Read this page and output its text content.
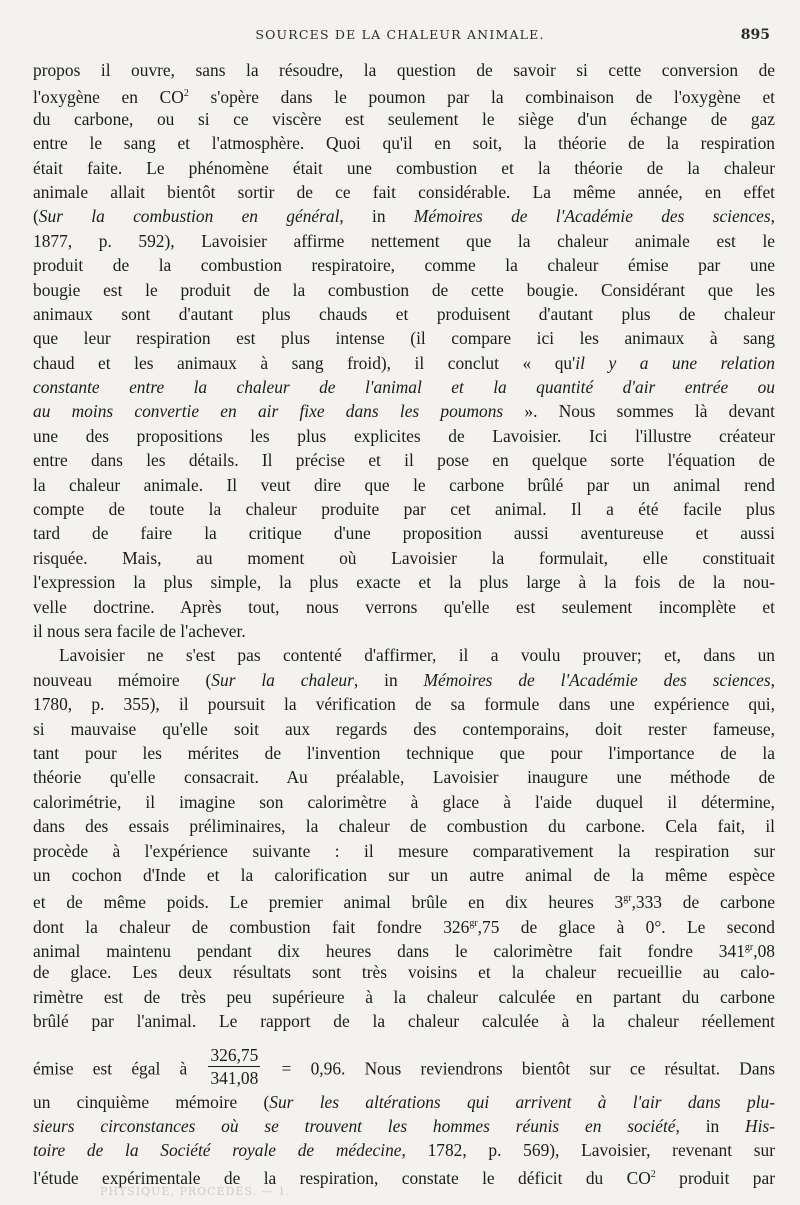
SOURCES DE LA CHALEUR ANIMALE.	895
propos il ouvre, sans la résoudre, la question de savoir si cette conversion de
l'oxygène en $CO^2$ s'opère dans le poumon par la combinaison de l'oxygène et
du carbone, ou si ce viscère est seulement le siège d'un échange de gaz
entre le sang et l'atmosphère. Quoi qu'il en soit, la théorie de la respiration
était faite. Le phénomène était une combustion et la théorie de la chaleur
animale allait bientôt sortir de ce fait considérable. La même année, en effet
(Sur la combustion en général, in Mémoires de l'Académie des sciences,
1877, p. 592), Lavoisier affirme nettement que la chaleur animale est le
produit de la combustion respiratoire, comme la chaleur émise par une
bougie est le produit de la combustion de cette bougie. Considérant que les
animaux sont d'autant plus chauds et produisent d'autant plus de chaleur
que leur respiration est plus intense (il compare ici les animaux à sang
chaud et les animaux à sang froid), il conclut « qu'il y a une relation
constante entre la chaleur de l'animal et la quantité d'air entrée ou
au moins convertie en air fixe dans les poumons ». Nous sommes là devant
une des propositions les plus explicites de Lavoisier. Ici l'illustre créateur
entre dans les détails. Il précise et il pose en quelque sorte l'équation de
la chaleur animale. Il veut dire que le carbone brûlé par un animal rend
compte de toute la chaleur produite par cet animal. Il a été facile plus
tard de faire la critique d'une proposition aussi aventureuse et aussi
risquée. Mais, au moment où Lavoisier la formulait, elle constituait
l'expression la plus simple, la plus exacte et la plus large à la fois de la nou-
velle doctrine. Après tout, nous verrons qu'elle est seulement incomplète et
il nous sera facile de l'achever.
Lavoisier ne s'est pas contenté d'affirmer, il a voulu prouver; et, dans un
nouveau mémoire (Sur la chaleur, in Mémoires de l'Académie des sciences,
1780, p. 355), il poursuit la vérification de sa formule dans une expérience qui,
si mauvaise qu'elle soit aux regards des contemporains, doit rester fameuse,
tant pour les mérites de l'invention technique que pour l'importance de la
théorie qu'elle consacrait. Au préalable, Lavoisier inaugure une méthode de
calorimétrie, il imagine son calorimètre à glace à l'aide duquel il détermine,
dans des essais préliminaires, la chaleur de combustion du carbone. Cela fait, il
procède à l'expérience suivante : il mesure comparativement la respiration sur
un cochon d'Inde et la calorification sur un autre animal de la même espèce
et de même poids. Le premier animal brûle en dix heures $3^{gr},333$ de carbone
dont la chaleur de combustion fait fondre $326^{gr},75$ de glace à 0°. Le second
animal maintenu pendant dix heures dans le calorimètre fait fondre $341^{gr},08$
de glace. Les deux résultats sont très voisins et la chaleur recueillie au calo-
rimètre est de très peu supérieure à la chaleur calculée en partant du carbone
brûlé par l'animal. Le rapport de la chaleur calculée à la chaleur réellement
émise est égal à $\frac{326,75}{341,08} = 0,96$. Nous reviendrons bientôt sur ce résultat. Dans
un cinquième mémoire (Sur les altérations qui arrivent à l'air dans plu-
sieurs circonstances où se trouvent les hommes réunis en société, in His-
toire de la Société royale de médecine, 1782, p. 569), Lavoisier, revenant sur
l'étude expérimentale de la respiration, constate le déficit du $CO^2$ produit par
PHYSIQUE, PROCÉDÉS. — 1.
